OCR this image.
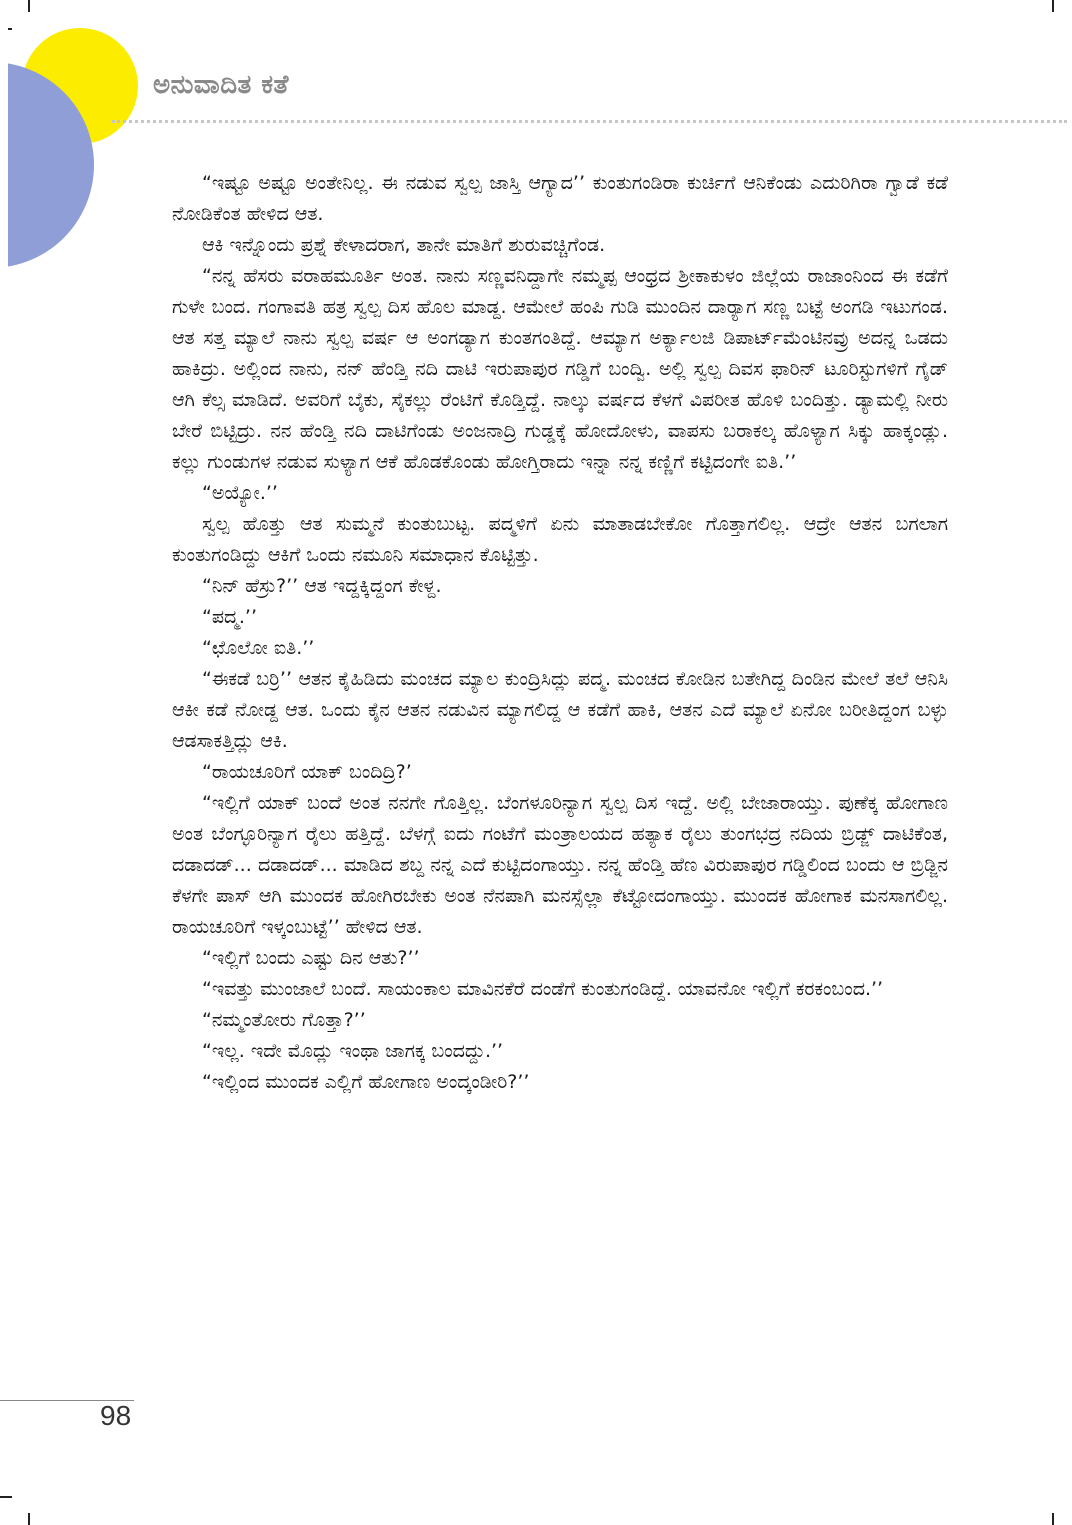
ಅನುವಾದಿತ ಕತೆ

“ಇಷ್ಟೂ ಅಷ್ಟೂ ಅಂತೇನಿಲ್ಲ. ಈ ನಡುವ ಸ್ವಲ್ಪ ಜಾಸ್ತಿ ಆಗ್ಯಾದ’’ ಕುಂತುಗಂಡಿರಾ ಕುರ್ಚಿಗೆ ಆನಿಕೆಂಡು ಎದುರಿಗಿರಾ ಗ್ವಾಡೆ ಕಡೆ ನೋಡಿಕೆಂತ ಹೇಳಿದ ಆತ.

ಆಕಿ ಇನ್ನೊಂದು ಪ್ರಶ್ನೆ ಕೇಳಾದರಾಗ, ತಾನೇ ಮಾತಿಗೆ ಶುರುವಚ್ಚಿಗೆಂಡ.

“ನನ್ನ ಹೆಸರು ವರಾಹಮೂರ್ತಿ ಅಂತ. ನಾನು ಸಣ್ಣವನಿದ್ದಾಗೇ ನಮ್ಮಪ್ಪ ಆಂಧ್ರದ ಶ್ರೀಕಾಕುಳಂ ಜಿಲ್ಲೆಯ ರಾಜಾಂನಿಂದ ಈ ಕಡೆಗೆ ಗುಳೇ ಬಂದ. ಗಂಗಾವತಿ ಹತ್ರ ಸ್ವಲ್ಪ ದಿಸ ಹೊಲ ಮಾಡ್ದ. ಆಮೇಲೆ ಹಂಪಿ ಗುಡಿ ಮುಂದಿನ ದಾರ್‍ಯಾಗ ಸಣ್ಣ ಬಟ್ಟೆ ಅಂಗಡಿ ಇಟುಗಂಡ. ಆತ ಸತ್ತ ಮ್ಯಾಲೆ ನಾನು ಸ್ವಲ್ಪ ವರ್ಷ ಆ ಅಂಗಡ್ಯಾಗ ಕುಂತಗಂತಿದ್ದೆ. ಆಮ್ಯಾಗ ಅರ್ಕ್ಯಾಲಜಿ ಡಿಪಾರ್ಟ್‌ಮೆಂಟಿನವ್ರು ಅದನ್ನ ಒಡದು ಹಾಕಿದ್ರು. ಅಲ್ಲಿಂದ ನಾನು, ನನ್ ಹೆಂಡ್ತಿ ನದಿ ದಾಟಿ ಇರುಪಾಪುರ ಗಡ್ಡಿಗೆ ಬಂದ್ವಿ. ಅಲ್ಲಿ ಸ್ವಲ್ಪ ದಿವಸ ಫಾರಿನ್ ಟೂರಿಸ್ಟುಗಳಿಗೆ ಗೈಡ್ ಆಗಿ ಕೆಲ್ಸ ಮಾಡಿದೆ. ಅವರಿಗೆ ಬೈಕು, ಸೈಕಲ್ಲು ರೆಂಟಿಗೆ ಕೊಡ್ತಿದ್ದೆ. ನಾಲ್ಕು ವರ್ಷದ ಕೆಳಗೆ ವಿಪರೀತ ಹೊಳಿ ಬಂದಿತ್ತು. ಡ್ಯಾಮಲ್ಲಿ ನೀರು ಬೇರೆ ಬಿಟ್ಟಿದ್ರು. ನನ ಹೆಂಡ್ತಿ ನದಿ ದಾಟಿಗೆಂಡು ಅಂಜನಾದ್ರಿ ಗುಡ್ಡಕ್ಕೆ ಹೋದೋಳು, ವಾಪಸು ಬರಾಕಲ್ಕ ಹೊಳ್ಯಾಗ ಸಿಕ್ಕು ಹಾಕ್ಕಂಡ್ಲು. ಕಲ್ಲು ಗುಂಡುಗಳ ನಡುವ ಸುಳ್ಯಾಗ ಆಕೆ ಹೊಡಕೊಂಡು ಹೋಗ್ತಿರಾದು ಇನ್ನಾ ನನ್ನ ಕಣ್ಣಿಗೆ ಕಟ್ಟಿದಂಗೇ ಐತಿ.’’

“ಅಯ್ಯೋ.’’

ಸ್ವಲ್ಪ ಹೊತ್ತು ಆತ ಸುಮ್ಮನೆ ಕುಂತುಬುಟ್ಟ. ಪದ್ಮಳಿಗೆ ಏನು ಮಾತಾಡಬೇಕೋ ಗೊತ್ತಾಗಲಿಲ್ಲ. ಆದ್ರೇ ಆತನ ಬಗಲಾಗ ಕುಂತುಗಂಡಿದ್ದು ಆಕಿಗೆ ಒಂದು ನಮೂನಿ ಸಮಾಧಾನ ಕೊಟ್ಟಿತ್ತು.

“ನಿನ್ ಹೆಸ್ರು?’’ ಆತ ಇದ್ದಕ್ಕಿದ್ದಂಗ ಕೇಳ್ದ.

“ಪದ್ಮ.’’

“ಛೊಲೋ ಐತಿ.’’

“ಈಕಡೆ ಬರ್‍ರಿ’’ ಆತನ ಕೈಹಿಡಿದು ಮಂಚದ ಮ್ಯಾಲ ಕುಂದ್ರಿಸಿದ್ಲು ಪದ್ಮ. ಮಂಚದ ಕೋಡಿನ ಬತೇಗಿದ್ದ ದಿಂಡಿನ ಮೇಲೆ ತಲೆ ಆನಿಸಿ ಆಕೀ ಕಡೆ ನೋಡ್ದ ಆತ. ಒಂದು ಕೈನ ಆತನ ನಡುವಿನ ಮ್ಯಾಗಲಿದ್ದ ಆ ಕಡೆಗೆ ಹಾಕಿ, ಆತನ ಎದೆ ಮ್ಯಾಲೆ ಏನೋ ಬರೀತಿದ್ದಂಗ ಬಳ್ಳು ಆಡಸಾಕತ್ತಿದ್ಲು ಆಕಿ.

“ರಾಯಚೂರಿಗೆ ಯಾಕ್ ಬಂದಿದ್ರಿ?’

“ಇಲ್ಲಿಗೆ ಯಾಕ್ ಬಂದೆ ಅಂತ ನನಗೇ ಗೊತ್ತಿಲ್ಲ. ಬೆಂಗಳೂರಿನ್ಯಾಗ ಸ್ವಲ್ಪ ದಿಸ ಇದ್ದೆ. ಅಲ್ಲಿ ಬೇಜಾರಾಯ್ತು. ಪುಣೆಕ್ಕ ಹೋಗಾಣ ಅಂತ ಬೆಂಗ್ಳೂರಿನ್ಯಾಗ ರೈಲು ಹತ್ತಿದ್ದೆ. ಬೆಳಗ್ಗೆ ಐದು ಗಂಟೆಗೆ ಮಂತ್ರಾಲಯದ ಹತ್ಯಾಕ ರೈಲು ತುಂಗಭದ್ರ ನದಿಯ ಬ್ರಿಡ್ಜ್ ದಾಟಿಕೆಂತ, ದಡಾದಡ್... ದಡಾದಡ್... ಮಾಡಿದ ಶಬ್ದ ನನ್ನ ಎದೆ ಕುಟ್ಟಿದಂಗಾಯ್ತು. ನನ್ನ ಹೆಂಡ್ತಿ ಹೆಣ ವಿರುಪಾಪುರ ಗಡ್ಡಿಲಿಂದ ಬಂದು ಆ ಬ್ರಿಡ್ಜಿನ ಕೆಳಗೇ ಪಾಸ್ ಆಗಿ ಮುಂದಕ ಹೋಗಿರಬೇಕು ಅಂತ ನೆನಪಾಗಿ ಮನಸ್ಸೆಲ್ಲಾ ಕೆಟ್ಟೋದಂಗಾಯ್ತು. ಮುಂದಕ ಹೋಗಾಕ ಮನಸಾಗಲಿಲ್ಲ. ರಾಯಚೂರಿಗೆ ಇಳ್ಕಂಬುಟ್ಟೆ’’ ಹೇಳಿದ ಆತ.

“ಇಲ್ಲಿಗೆ ಬಂದು ಎಷ್ಟು ದಿನ ಆತು?’’

“ಇವತ್ತು ಮುಂಜಾಲೆ ಬಂದೆ. ಸಾಯಂಕಾಲ ಮಾವಿನಕೆರೆ ದಂಡೆಗೆ ಕುಂತುಗಂಡಿದ್ದೆ. ಯಾವನೋ ಇಲ್ಲಿಗೆ ಕರಕಂಬಂದ.’’

“ನಮ್ಮಂತೋರು ಗೊತ್ತಾ?’’

“ಇಲ್ಲ. ಇದೇ ಮೊದ್ಲು ಇಂಥಾ ಜಾಗಕ್ಕ ಬಂದದ್ದು.’’

“ಇಲ್ಲಿಂದ ಮುಂದಕ ಎಲ್ಲಿಗೆ ಹೋಗಾಣ ಅಂದ್ಕಂಡೀರಿ?’’

98
